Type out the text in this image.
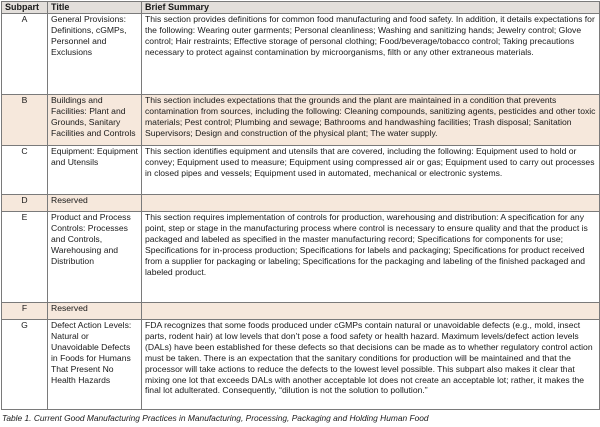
Subpart	Title	Brief Summary
A	General Provisions: Definitions, cGMPs, Personnel and Exclusions	This section provides definitions for common food manufacturing and food safety. In addition, it details expectations for the following: Wearing outer garments; Personal cleanliness; Washing and sanitizing hands; Jewelry control; Glove control; Hair restraints; Effective storage of personal clothing; Food/beverage/tobacco control; Taking precautions necessary to protect against contamination by microorganisms, filth or any other extraneous materials.
B	Buildings and Facilities: Plant and Grounds, Sanitary Facilities and Controls	This section includes expectations that the grounds and the plant are maintained in a condition that prevents contamination from sources, including the following: Cleaning compounds, sanitizing agents, pesticides and other toxic materials; Pest control; Plumbing and sewage; Bathrooms and handwashing facilities; Trash disposal; Sanitation Supervisors; Design and construction of the physical plant; The water supply.
C	Equipment: Equipment and Utensils	This section identifies equipment and utensils that are covered, including the following: Equipment used to hold or convey; Equipment used to measure; Equipment using compressed air or gas; Equipment used to carry out processes in closed pipes and vessels; Equipment used in automated, mechanical or electronic systems.
D	Reserved	
E	Product and Process Controls: Processes and Controls, Warehousing and Distribution	This section requires implementation of controls for production, warehousing and distribution: A specification for any point, step or stage in the manufacturing process where control is necessary to ensure quality and that the product is packaged and labeled as specified in the master manufacturing record; Specifications for components for use; Specifications for in-process production; Specifications for labels and packaging; Specifications for product received from a supplier for packaging or labeling; Specifications for the packaging and labeling of the finished packaged and labeled product.
F	Reserved	
G	Defect Action Levels: Natural or Unavoidable Defects in Foods for Humans That Present No Health Hazards	FDA recognizes that some foods produced under cGMPs contain natural or unavoidable defects (e.g., mold, insect parts, rodent hair) at low levels that don’t pose a food safety or health hazard. Maximum levels/defect action levels (DALs) have been established for these defects so that decisions can be made as to whether regulatory control action must be taken. There is an expectation that the sanitary conditions for production will be maintained and that the processor will take actions to reduce the defects to the lowest level possible. This subpart also makes it clear that mixing one lot that exceeds DALs with another acceptable lot does not create an acceptable lot; rather, it makes the final lot adulterated. Consequently, “dilution is not the solution to pollution.”
Table 1. Current Good Manufacturing Practices in Manufacturing, Processing, Packaging and Holding Human Food
